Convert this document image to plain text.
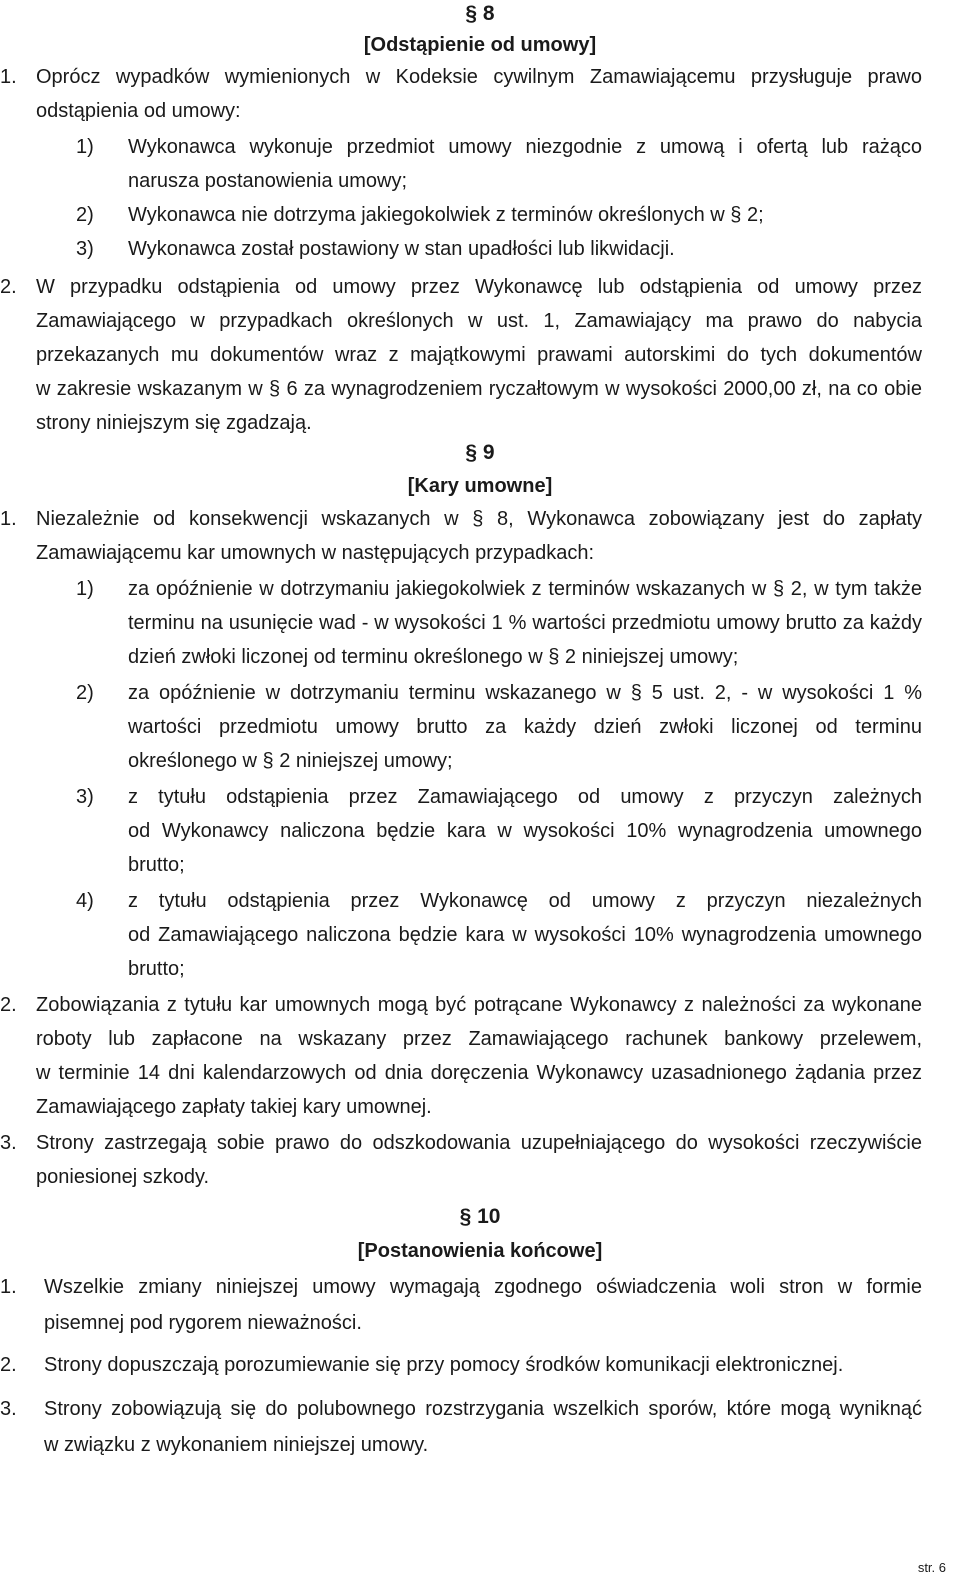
§ 8
[Odstąpienie od umowy]
1. Oprócz wypadków wymienionych w Kodeksie cywilnym Zamawiającemu przysługuje prawo
odstąpienia od umowy:
1) Wykonawca wykonuje przedmiot umowy niezgodnie z umową i ofertą lub rażąco
narusza postanowienia umowy;
2) Wykonawca nie dotrzyma jakiegokolwiek z terminów określonych w § 2;
3) Wykonawca został postawiony w stan upadłości lub likwidacji.
2. W przypadku odstąpienia od umowy przez Wykonawcę lub odstąpienia od umowy przez
Zamawiającego w przypadkach określonych w ust. 1, Zamawiający ma prawo do nabycia
przekazanych mu dokumentów wraz z majątkowymi prawami autorskimi do tych dokumentów
w zakresie wskazanym w § 6 za wynagrodzeniem ryczałtowym w wysokości 2000,00 zł, na co obie
strony niniejszym się zgadzają.
§ 9
[Kary umowne]
1. Niezależnie od konsekwencji wskazanych w § 8, Wykonawca zobowiązany jest do zapłaty
Zamawiającemu kar umownych w następujących przypadkach:
1) za opóźnienie w dotrzymaniu jakiegokolwiek z terminów wskazanych w § 2, w tym także
terminu na usunięcie wad - w wysokości 1 % wartości przedmiotu umowy brutto za każdy
dzień zwłoki liczonej od terminu określonego w § 2 niniejszej umowy;
2) za opóźnienie w dotrzymaniu terminu wskazanego w § 5 ust. 2, - w wysokości 1 %
wartości przedmiotu umowy brutto za każdy dzień zwłoki liczonej od terminu
określonego w § 2 niniejszej umowy;
3) z tytułu odstąpienia przez Zamawiającego od umowy z przyczyn zależnych
od Wykonawcy naliczona będzie kara w wysokości 10% wynagrodzenia umownego
brutto;
4) z tytułu odstąpienia przez Wykonawcę od umowy z przyczyn niezależnych
od Zamawiającego naliczona będzie kara w wysokości 10% wynagrodzenia umownego
brutto;
2. Zobowiązania z tytułu kar umownych mogą być potrącane Wykonawcy z należności za wykonane
roboty lub zapłacone na wskazany przez Zamawiającego rachunek bankowy przelewem,
w terminie 14 dni kalendarzowych od dnia doręczenia Wykonawcy uzasadnionego żądania przez
Zamawiającego zapłaty takiej kary umownej.
3. Strony zastrzegają sobie prawo do odszkodowania uzupełniającego do wysokości rzeczywiście
poniesionej szkody.
§ 10
[Postanowienia końcowe]
1. Wszelkie zmiany niniejszej umowy wymagają zgodnego oświadczenia woli stron w formie
pisemnej pod rygorem nieważności.
2. Strony dopuszczają porozumiewanie się przy pomocy środków komunikacji elektronicznej.
3. Strony zobowiązują się do polubownego rozstrzygania wszelkich sporów, które mogą wyniknąć
w związku z wykonaniem niniejszej umowy.
str. 6
